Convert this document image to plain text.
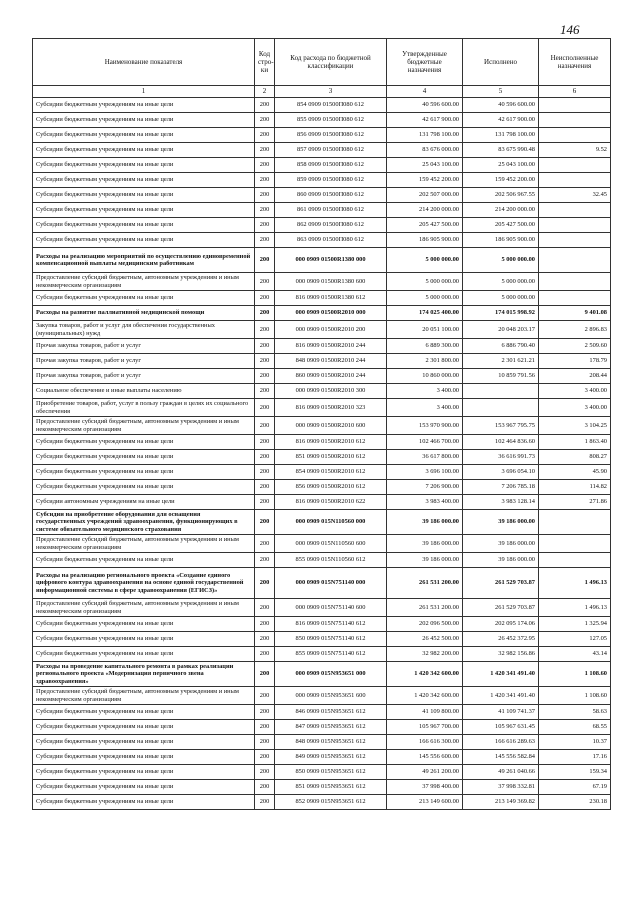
146
Наименование показателя	Код стро-ки	Код расхода по бюджетной классификации	Утвержденные бюджетные назначения	Исполнено	Неисполненные назначения
1	2	3	4	5	6
Субсидии бюджетным учреждениям на иные цели	200	854 0909 01500П080 612	40 596 600.00	40 596 600.00	
Субсидии бюджетным учреждениям на иные цели	200	855 0909 01500П080 612	42 617 900.00	42 617 900.00	
Субсидии бюджетным учреждениям на иные цели	200	856 0909 01500П080 612	131 798 100.00	131 798 100.00	
Субсидии бюджетным учреждениям на иные цели	200	857 0909 01500П080 612	83 676 000.00	83 675 990.48	9.52
Субсидии бюджетным учреждениям на иные цели	200	858 0909 01500П080 612	25 043 100.00	25 043 100.00	
Субсидии бюджетным учреждениям на иные цели	200	859 0909 01500П080 612	159 452 200.00	159 452 200.00	
Субсидии бюджетным учреждениям на иные цели	200	860 0909 01500П080 612	202 507 000.00	202 506 967.55	32.45
Субсидии бюджетным учреждениям на иные цели	200	861 0909 01500П080 612	214 200 000.00	214 200 000.00	
Субсидии бюджетным учреждениям на иные цели	200	862 0909 01500П080 612	205 427 500.00	205 427 500.00	
Субсидии бюджетным учреждениям на иные цели	200	863 0909 01500П080 612	186 905 900.00	186 905 900.00	
Расходы на реализацию мероприятий по осуществлению единовременной компенсационной выплаты медицинским работникам	200	000 0909 01500R1380 000	5 000 000.00	5 000 000.00	
Предоставление субсидий бюджетным, автономным учреждениям и иным некоммерческим организациям	200	000 0909 01500R1380 600	5 000 000.00	5 000 000.00	
Субсидии бюджетным учреждениям на иные цели	200	816 0909 01500R1380 612	5 000 000.00	5 000 000.00	
Расходы на развитие паллиативной медицинской помощи	200	000 0909 01500R2010 000	174 025 400.00	174 015 998.92	9 401.08
Закупка товаров, работ и услуг для обеспечения государственных (муниципальных) нужд	200	000 0909 01500R2010 200	20 051 100.00	20 048 203.17	2 896.83
Прочая закупка товаров, работ и услуг	200	816 0909 01500R2010 244	6 889 300.00	6 886 790.40	2 509.60
Прочая закупка товаров, работ и услуг	200	848 0909 01500R2010 244	2 301 800.00	2 301 621.21	178.79
Прочая закупка товаров, работ и услуг	200	860 0909 01500R2010 244	10 860 000.00	10 859 791.56	208.44
Социальное обеспечение и иные выплаты населению	200	000 0909 01500R2010 300	3 400.00		3 400.00
Приобретение товаров, работ, услуг в пользу граждан в целях их социального обеспечения	200	816 0909 01500R2010 323	3 400.00		3 400.00
Предоставление субсидий бюджетным, автономным учреждениям и иным некоммерческим организациям	200	000 0909 01500R2010 600	153 970 900.00	153 967 795.75	3 104.25
Субсидии бюджетным учреждениям на иные цели	200	816 0909 01500R2010 612	102 466 700.00	102 464 836.60	1 863.40
Субсидии бюджетным учреждениям на иные цели	200	851 0909 01500R2010 612	36 617 800.00	36 616 991.73	808.27
Субсидии бюджетным учреждениям на иные цели	200	854 0909 01500R2010 612	3 696 100.00	3 696 054.10	45.90
Субсидии бюджетным учреждениям на иные цели	200	856 0909 01500R2010 612	7 206 900.00	7 206 785.18	114.82
Субсидии автономным учреждениям на иные цели	200	816 0909 01500R2010 622	3 983 400.00	3 983 128.14	271.86
Субсидии на приобретение оборудования для оснащения государственных учреждений здравоохранения, функционирующих в системе обязательного медицинского страхования	200	000 0909 015N110560 000	39 186 000.00	39 186 000.00	
Предоставление субсидий бюджетным, автономным учреждениям и иным некоммерческим организациям	200	000 0909 015N110560 600	39 186 000.00	39 186 000.00	
Субсидии бюджетным учреждениям на иные цели	200	855 0909 015N110560 612	39 186 000.00	39 186 000.00	
Расходы на реализацию регионального проекта «Создание единого цифрового контура здравоохранения на основе единой государственной информационной системы в сфере здравоохранения (ЕГИСЗ)»	200	000 0909 015N751140 000	261 531 200.00	261 529 703.87	1 496.13
Предоставление субсидий бюджетным, автономным учреждениям и иным некоммерческим организациям	200	000 0909 015N751140 600	261 531 200.00	261 529 703.87	1 496.13
Субсидии бюджетным учреждениям на иные цели	200	816 0909 015N751140 612	202 096 500.00	202 095 174.06	1 325.94
Субсидии бюджетным учреждениям на иные цели	200	850 0909 015N751140 612	26 452 500.00	26 452 372.95	127.05
Субсидии бюджетным учреждениям на иные цели	200	855 0909 015N751140 612	32 982 200.00	32 982 156.86	43.14
Расходы на проведение капитального ремонта в рамках реализации регионального проекта «Модернизация первичного звена здравоохранения»	200	000 0909 015N953651 000	1 420 342 600.00	1 420 341 491.40	1 108.60
Предоставление субсидий бюджетным, автономным учреждениям и иным некоммерческим организациям	200	000 0909 015N953651 600	1 420 342 600.00	1 420 341 491.40	1 108.60
Субсидии бюджетным учреждениям на иные цели	200	846 0909 015N953651 612	41 109 800.00	41 109 741.37	58.63
Субсидии бюджетным учреждениям на иные цели	200	847 0909 015N953651 612	105 967 700.00	105 967 631.45	68.55
Субсидии бюджетным учреждениям на иные цели	200	848 0909 015N953651 612	166 616 300.00	166 616 289.63	10.37
Субсидии бюджетным учреждениям на иные цели	200	849 0909 015N953651 612	145 556 600.00	145 556 582.84	17.16
Субсидии бюджетным учреждениям на иные цели	200	850 0909 015N953651 612	49 261 200.00	49 261 040.66	159.34
Субсидии бюджетным учреждениям на иные цели	200	851 0909 015N953651 612	37 998 400.00	37 998 332.81	67.19
Субсидии бюджетным учреждениям на иные цели	200	852 0909 015N953651 612	213 149 600.00	213 149 369.82	230.18
